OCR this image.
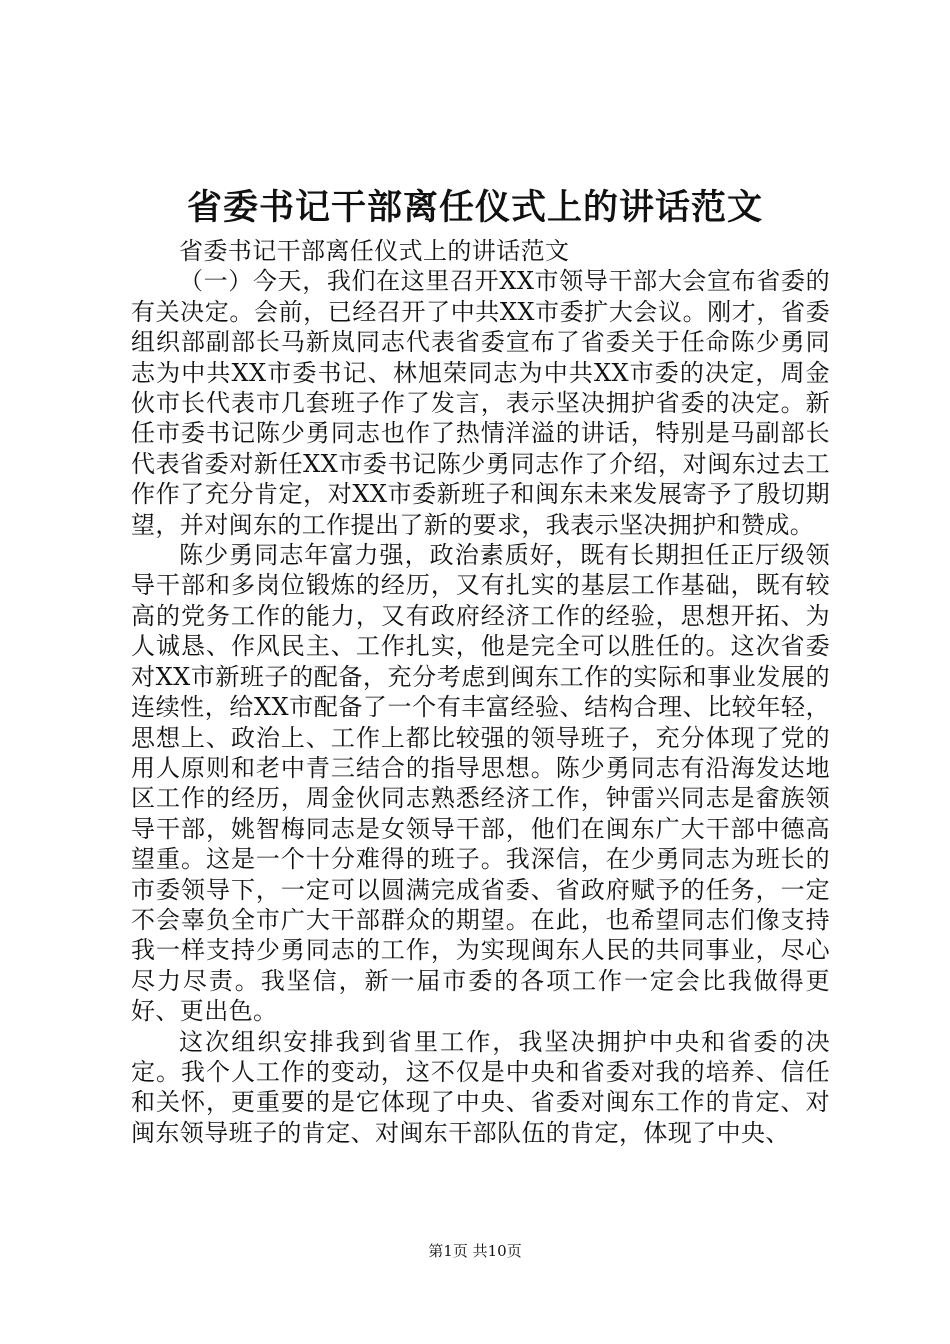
省委书记干部离任仪式上的讲话范文

省委书记干部离任仪式上的讲话范文

（一）今天，我们在这里召开XX市领导干部大会宣布省委的有关决定。会前，已经召开了中共XX市委扩大会议。刚才，省委组织部副部长马新岚同志代表省委宣布了省委关于任命陈少勇同志为中共XX市委书记、林旭荣同志为中共XX市委的决定，周金伙市长代表市几套班子作了发言，表示坚决拥护省委的决定。新任市委书记陈少勇同志也作了热情洋溢的讲话，特别是马副部长代表省委对新任XX市委书记陈少勇同志作了介绍，对闽东过去工作作了充分肯定，对XX市委新班子和闽东未来发展寄予了殷切期望，并对闽东的工作提出了新的要求，我表示坚决拥护和赞成。

陈少勇同志年富力强，政治素质好，既有长期担任正厅级领导干部和多岗位锻炼的经历，又有扎实的基层工作基础，既有较高的党务工作的能力，又有政府经济工作的经验，思想开拓、为人诚恳、作风民主、工作扎实，他是完全可以胜任的。这次省委对XX市新班子的配备，充分考虑到闽东工作的实际和事业发展的连续性，给XX市配备了一个有丰富经验、结构合理、比较年轻，思想上、政治上、工作上都比较强的领导班子，充分体现了党的用人原则和老中青三结合的指导思想。陈少勇同志有沿海发达地区工作的经历，周金伙同志熟悉经济工作，钟雷兴同志是畲族领导干部，姚智梅同志是女领导干部，他们在闽东广大干部中德高望重。这是一个十分难得的班子。我深信，在少勇同志为班长的市委领导下，一定可以圆满完成省委、省政府赋予的任务，一定不会辜负全市广大干部群众的期望。在此，也希望同志们像支持我一样支持少勇同志的工作，为实现闽东人民的共同事业，尽心尽力尽责。我坚信，新一届市委的各项工作一定会比我做得更好、更出色。

这次组织安排我到省里工作，我坚决拥护中央和省委的决定。我个人工作的变动，这不仅是中央和省委对我的培养、信任和关怀，更重要的是它体现了中央、省委对闽东工作的肯定、对闽东领导班子的肯定、对闽东干部队伍的肯定，体现了中央、

第1页 共10页
